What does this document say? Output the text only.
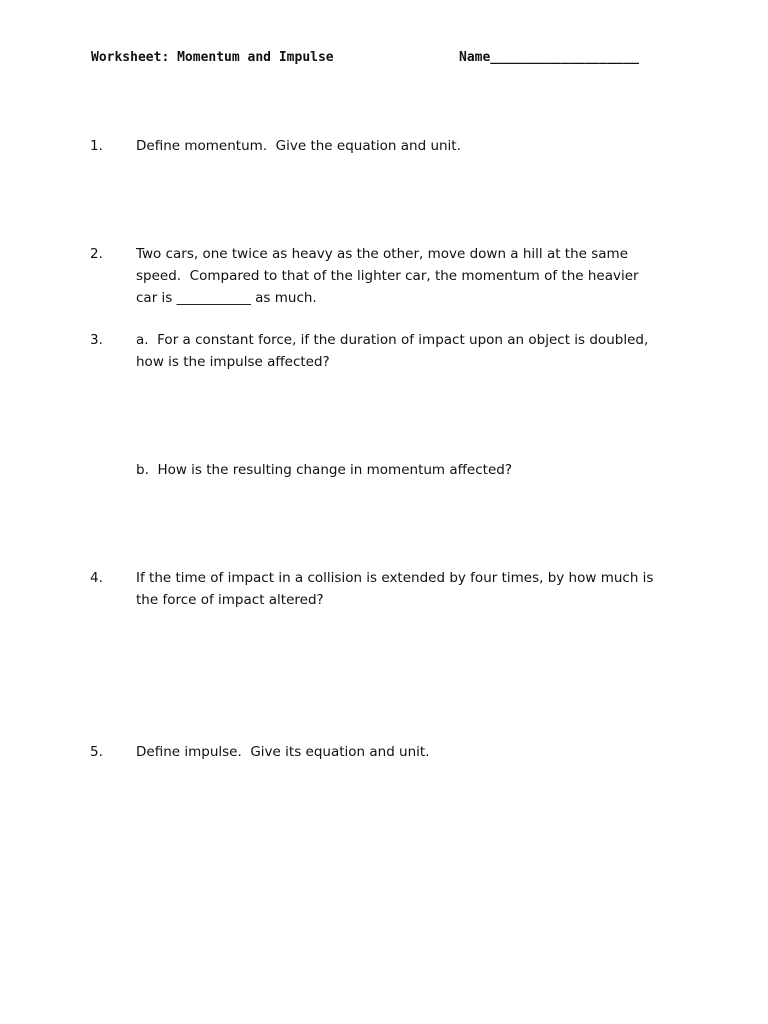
Worksheet: Momentum and Impulse	Name___________________
1. Define momentum.  Give the equation and unit.
2. Two cars, one twice as heavy as the other, move down a hill at the same
speed.  Compared to that of the lighter car, the momentum of the heavier
car is ___________ as much.
3. a.  For a constant force, if the duration of impact upon an object is doubled,
how is the impulse affected?
b.  How is the resulting change in momentum affected?
4. If the time of impact in a collision is extended by four times, by how much is
the force of impact altered?
5. Define impulse.  Give its equation and unit.
